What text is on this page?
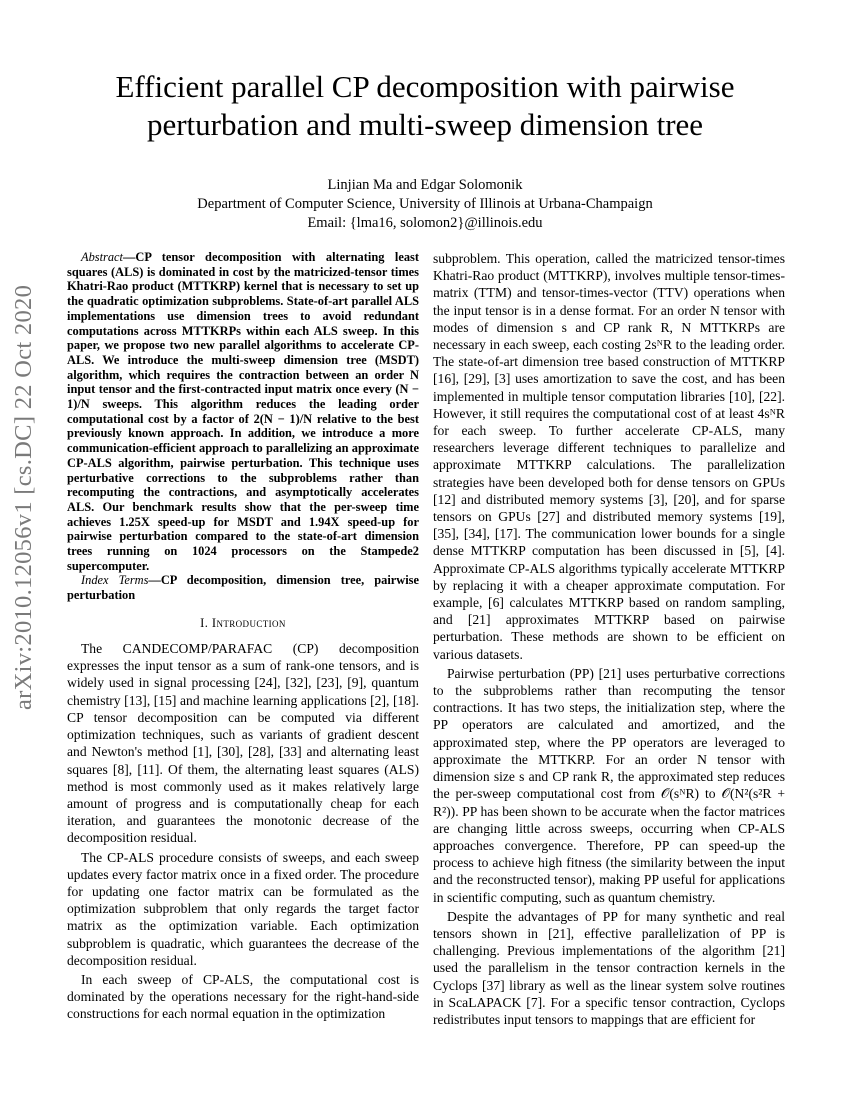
arXiv:2010.12056v1 [cs.DC] 22 Oct 2020
Efficient parallel CP decomposition with pairwise
perturbation and multi-sweep dimension tree
Linjian Ma and Edgar Solomonik
Department of Computer Science, University of Illinois at Urbana-Champaign
Email: {lma16, solomon2}@illinois.edu

Abstract—CP tensor decomposition with alternating least squares (ALS) is dominated in cost by the matricized-tensor times Khatri-Rao product (MTTKRP) kernel that is necessary to set up the quadratic optimization subproblems. State-of-art parallel ALS implementations use dimension trees to avoid redundant computations across MTTKRPs within each ALS sweep. In this paper, we propose two new parallel algorithms to accelerate CP-ALS. We introduce the multi-sweep dimension tree (MSDT) algorithm, which requires the contraction between an order N input tensor and the first-contracted input matrix once every (N − 1)/N sweeps. This algorithm reduces the leading order computational cost by a factor of 2(N − 1)/N relative to the best previously known approach. In addition, we introduce a more communication-efficient approach to parallelizing an approximate CP-ALS algorithm, pairwise perturbation. This technique uses perturbative corrections to the subproblems rather than recomputing the contractions, and asymptotically accelerates ALS. Our benchmark results show that the per-sweep time achieves 1.25X speed-up for MSDT and 1.94X speed-up for pairwise perturbation compared to the state-of-art dimension trees running on 1024 processors on the Stampede2 supercomputer.

Index Terms—CP decomposition, dimension tree, pairwise perturbation

I. Introduction

The CANDECOMP/PARAFAC (CP) decomposition expresses the input tensor as a sum of rank-one tensors, and is widely used in signal processing [24], [32], [23], [9], quantum chemistry [13], [15] and machine learning applications [2], [18]. CP tensor decomposition can be computed via different optimization techniques, such as variants of gradient descent and Newton's method [1], [30], [28], [33] and alternating least squares [8], [11]. Of them, the alternating least squares (ALS) method is most commonly used as it makes relatively large amount of progress and is computationally cheap for each iteration, and guarantees the monotonic decrease of the decomposition residual.

The CP-ALS procedure consists of sweeps, and each sweep updates every factor matrix once in a fixed order. The procedure for updating one factor matrix can be formulated as the optimization subproblem that only regards the target factor matrix as the optimization variable. Each optimization subproblem is quadratic, which guarantees the decrease of the decomposition residual.

In each sweep of CP-ALS, the computational cost is dominated by the operations necessary for the right-hand-side constructions for each normal equation in the optimization

subproblem. This operation, called the matricized tensor-times Khatri-Rao product (MTTKRP), involves multiple tensor-times-matrix (TTM) and tensor-times-vector (TTV) operations when the input tensor is in a dense format. For an order N tensor with modes of dimension s and CP rank R, N MTTKRPs are necessary in each sweep, each costing 2sᴺR to the leading order. The state-of-art dimension tree based construction of MTTKRP [16], [29], [3] uses amortization to save the cost, and has been implemented in multiple tensor computation libraries [10], [22]. However, it still requires the computational cost of at least 4sᴺR for each sweep. To further accelerate CP-ALS, many researchers leverage different techniques to parallelize and approximate MTTKRP calculations. The parallelization strategies have been developed both for dense tensors on GPUs [12] and distributed memory systems [3], [20], and for sparse tensors on GPUs [27] and distributed memory systems [19], [35], [34], [17]. The communication lower bounds for a single dense MTTKRP computation has been discussed in [5], [4]. Approximate CP-ALS algorithms typically accelerate MTTKRP by replacing it with a cheaper approximate computation. For example, [6] calculates MTTKRP based on random sampling, and [21] approximates MTTKRP based on pairwise perturbation. These methods are shown to be efficient on various datasets.

Pairwise perturbation (PP) [21] uses perturbative corrections to the subproblems rather than recomputing the tensor contractions. It has two steps, the initialization step, where the PP operators are calculated and amortized, and the approximated step, where the PP operators are leveraged to approximate the MTTKRP. For an order N tensor with dimension size s and CP rank R, the approximated step reduces the per-sweep computational cost from 𝒪(sᴺR) to 𝒪(N²(s²R + R²)). PP has been shown to be accurate when the factor matrices are changing little across sweeps, occurring when CP-ALS approaches convergence. Therefore, PP can speed-up the process to achieve high fitness (the similarity between the input and the reconstructed tensor), making PP useful for applications in scientific computing, such as quantum chemistry.

Despite the advantages of PP for many synthetic and real tensors shown in [21], effective parallelization of PP is challenging. Previous implementations of the algorithm [21] used the parallelism in the tensor contraction kernels in the Cyclops [37] library as well as the linear system solve routines in ScaLAPACK [7]. For a specific tensor contraction, Cyclops redistributes input tensors to mappings that are efficient for
